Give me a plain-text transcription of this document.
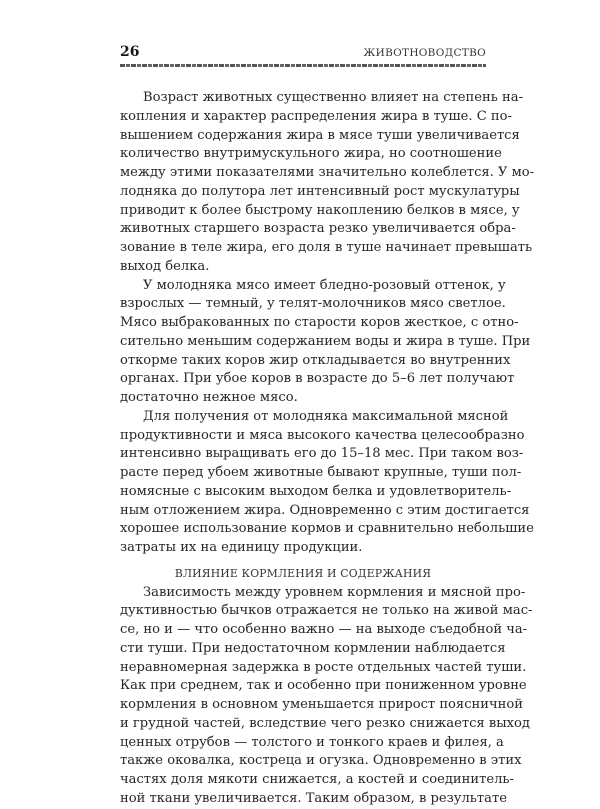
26	ЖИВОТНОВОДСТВО
Возраст животных существенно влияет на степень на-
копления и характер распределения жира в туше. С по-
вышением содержания жира в мясе туши увеличивается
количество внутримускульного жира, но соотношение
между этими показателями значительно колеблется. У мо-
лодняка до полутора лет интенсивный рост мускулатуры
приводит к более быстрому накоплению белков в мясе, у
животных старшего возраста резко увеличивается обра-
зование в теле жира, его доля в туше начинает превышать
выход белка.
У молодняка мясо имеет бледно-розовый оттенок, у
взрослых — темный, у телят-молочников мясо светлое.
Мясо выбракованных по старости коров жесткое, с отно-
сительно меньшим содержанием воды и жира в туше. При
откорме таких коров жир откладывается во внутренних
органах. При убое коров в возрасте до 5–6 лет получают
достаточно нежное мясо.
Для получения от молодняка максимальной мясной
продуктивности и мяса высокого качества целесообразно
интенсивно выращивать его до 15–18 мес. При таком воз-
расте перед убоем животные бывают крупные, туши пол-
номясные с высоким выходом белка и удовлетворитель-
ным отложением жира. Одновременно с этим достигается
хорошее использование кормов и сравнительно небольшие
затраты их на единицу продукции.
ВЛИЯНИЕ КОРМЛЕНИЯ И СОДЕРЖАНИЯ
Зависимость между уровнем кормления и мясной про-
дуктивностью бычков отражается не только на живой мас-
се, но и — что особенно важно — на выходе съедобной ча-
сти туши. При недостаточном кормлении наблюдается
неравномерная задержка в росте отдельных частей туши.
Как при среднем, так и особенно при пониженном уровне
кормления в основном уменьшается прирост поясничной
и грудной частей, вследствие чего резко снижается выход
ценных отрубов — толстого и тонкого краев и филея, а
также оковалка, кострецa и огузка. Одновременно в этих
частях доля мякоти снижается, а костей и соединитель-
ной ткани увеличивается. Таким образом, в результате
